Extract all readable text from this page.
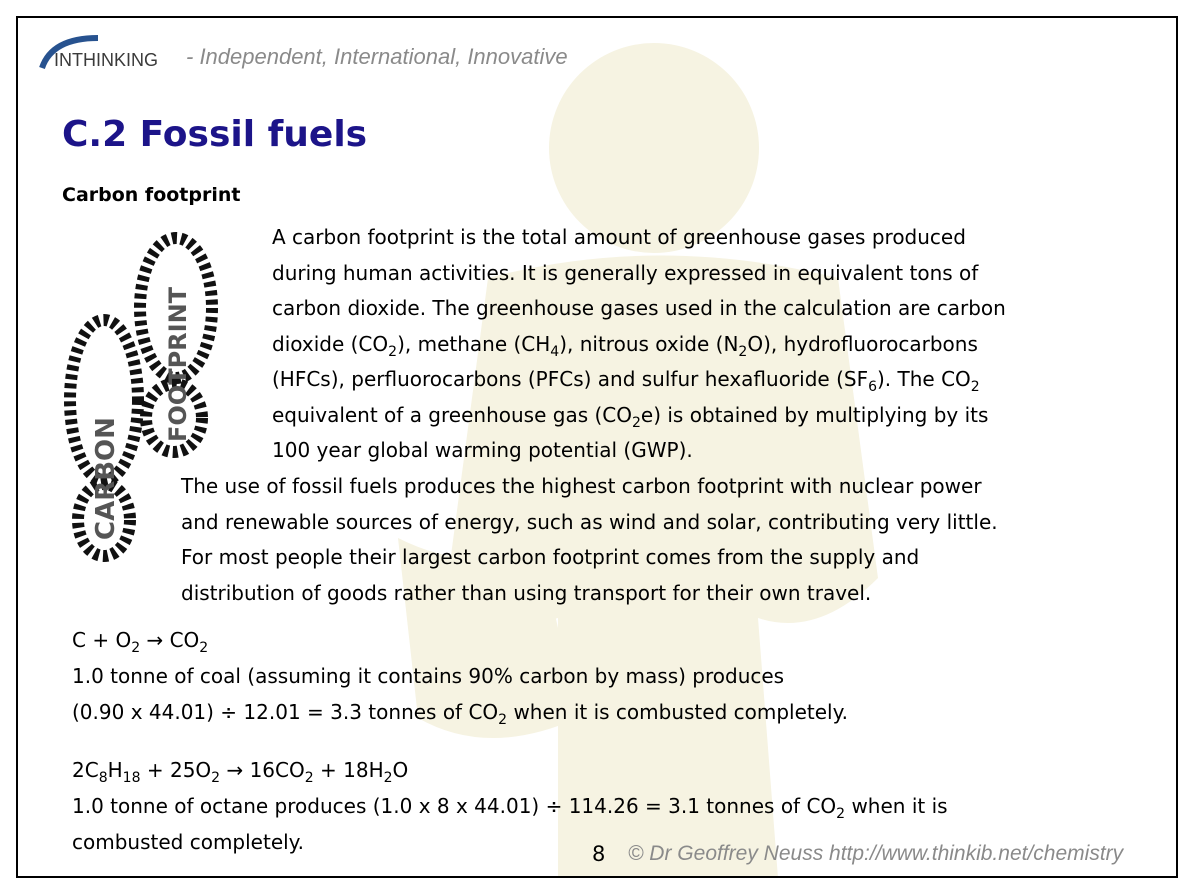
INTHINKING - Independent, International, Innovative
C.2 Fossil fuels
Carbon footprint
CARBON
FOOTPRINT
A carbon footprint is the total amount of greenhouse gases produced
during human activities. It is generally expressed in equivalent tons of
carbon dioxide. The greenhouse gases used in the calculation are carbon
dioxide $(CO_2)$, methane $(CH_4)$, nitrous oxide $(N_2O)$, hydrofluorocarbons
(HFCs), perfluorocarbons (PFCs) and sulfur hexafluoride $(SF_6)$. The $CO_2$
equivalent of a greenhouse gas $(CO_2e)$ is obtained by multiplying by its
100 year global warming potential (GWP).
The use of fossil fuels produces the highest carbon footprint with nuclear power
and renewable sources of energy, such as wind and solar, contributing very little.
For most people their largest carbon footprint comes from the supply and
distribution of goods rather than using transport for their own travel.
$C + O_2 \to CO_2$
1.0 tonne of coal (assuming it contains 90% carbon by mass) produces
(0.90 x 44.01) ÷ 12.01 = 3.3 tonnes of $CO_2$ when it is combusted completely.
$2C_8H_{18} + 25O_2 \to 16CO_2 + 18H_2O$
1.0 tonne of octane produces (1.0 x 8 x 44.01) ÷ 114.26 = 3.1 tonnes of $CO_2$ when it is
combusted completely.	8 © Dr Geoffrey Neuss http://www.thinkib.net/chemistry
